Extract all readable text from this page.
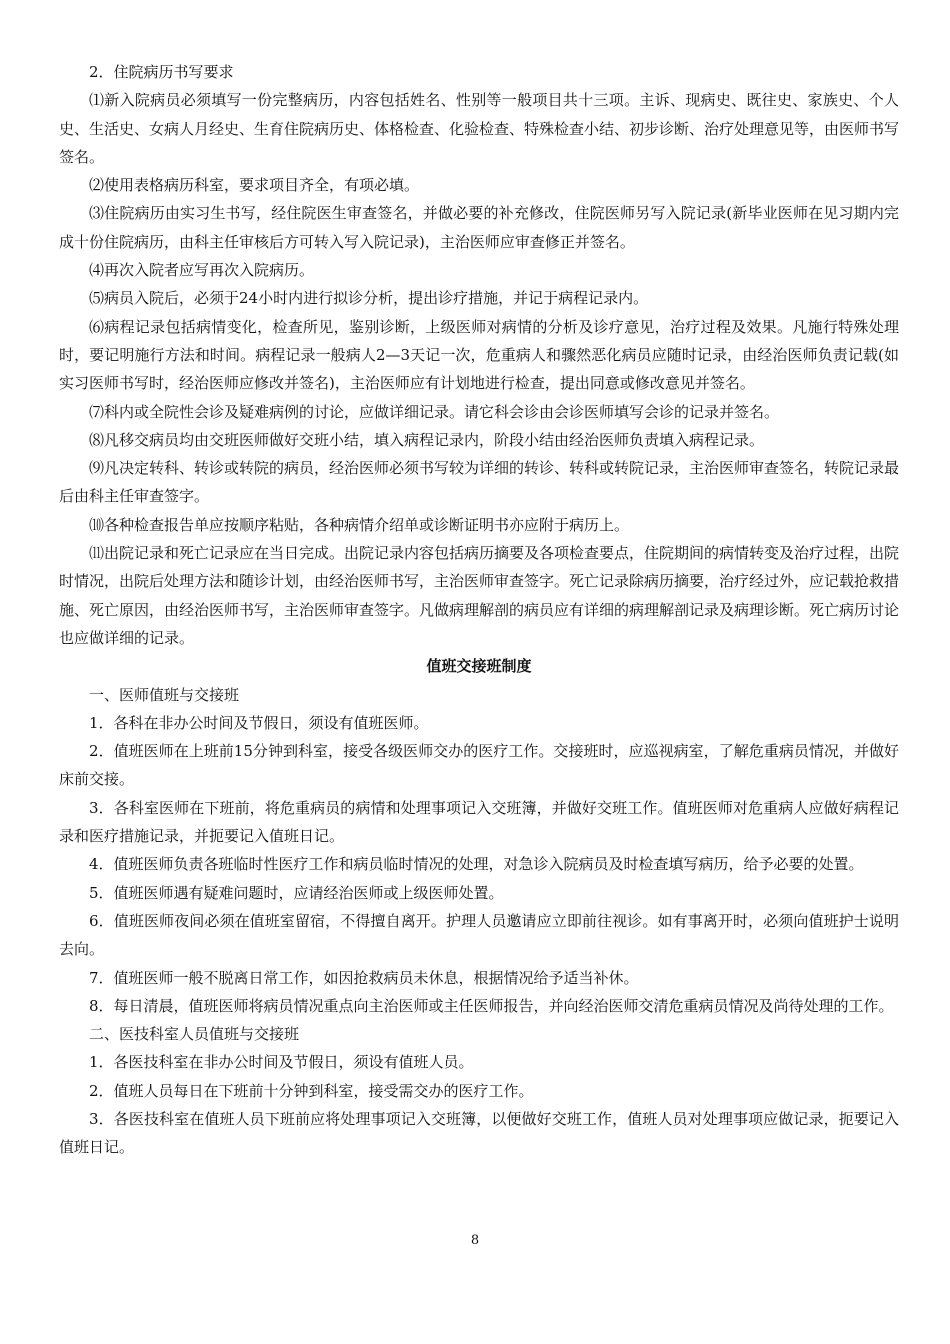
2．住院病历书写要求

⑴新入院病员必须填写一份完整病历，内容包括姓名、性别等一般项目共十三项。主诉、现病史、既往史、家族史、个人史、生活史、女病人月经史、生育住院病历史、体格检查、化验检查、特殊检查小结、初步诊断、治疗处理意见等，由医师书写签名。

⑵使用表格病历科室，要求项目齐全，有项必填。

⑶住院病历由实习生书写，经住院医生审查签名，并做必要的补充修改，住院医师另写入院记录(新毕业医师在见习期内完成十份住院病历，由科主任审核后方可转入写入院记录)，主治医师应审查修正并签名。

⑷再次入院者应写再次入院病历。

⑸病员入院后，必须于24小时内进行拟诊分析，提出诊疗措施，并记于病程记录内。

⑹病程记录包括病情变化，检查所见，鉴别诊断，上级医师对病情的分析及诊疗意见，治疗过程及效果。凡施行特殊处理时，要记明施行方法和时间。病程记录一般病人2—3天记一次，危重病人和骤然恶化病员应随时记录，由经治医师负责记载(如实习医师书写时，经治医师应修改并签名)，主治医师应有计划地进行检查，提出同意或修改意见并签名。

⑺科内或全院性会诊及疑难病例的讨论，应做详细记录。请它科会诊由会诊医师填写会诊的记录并签名。

⑻凡移交病员均由交班医师做好交班小结，填入病程记录内，阶段小结由经治医师负责填入病程记录。

⑼凡决定转科、转诊或转院的病员，经治医师必须书写较为详细的转诊、转科或转院记录，主治医师审查签名，转院记录最后由科主任审查签字。

⑽各种检查报告单应按顺序粘贴，各种病情介绍单或诊断证明书亦应附于病历上。

⑾出院记录和死亡记录应在当日完成。出院记录内容包括病历摘要及各项检查要点，住院期间的病情转变及治疗过程，出院时情况，出院后处理方法和随诊计划，由经治医师书写，主治医师审查签字。死亡记录除病历摘要，治疗经过外，应记载抢救措施、死亡原因，由经治医师书写，主治医师审查签字。凡做病理解剖的病员应有详细的病理解剖记录及病理诊断。死亡病历讨论也应做详细的记录。

值班交接班制度

一、医师值班与交接班

1．各科在非办公时间及节假日，须设有值班医师。

2．值班医师在上班前15分钟到科室，接受各级医师交办的医疗工作。交接班时，应巡视病室，了解危重病员情况，并做好床前交接。

3．各科室医师在下班前，将危重病员的病情和处理事项记入交班簿，并做好交班工作。值班医师对危重病人应做好病程记录和医疗措施记录，并扼要记入值班日记。

4．值班医师负责各班临时性医疗工作和病员临时情况的处理，对急诊入院病员及时检查填写病历，给予必要的处置。

5．值班医师遇有疑难问题时，应请经治医师或上级医师处置。

6．值班医师夜间必须在值班室留宿，不得擅自离开。护理人员邀请应立即前往视诊。如有事离开时，必须向值班护士说明去向。

7．值班医师一般不脱离日常工作，如因抢救病员未休息，根据情况给予适当补休。

8．每日清晨，值班医师将病员情况重点向主治医师或主任医师报告，并向经治医师交清危重病员情况及尚待处理的工作。

二、医技科室人员值班与交接班

1．各医技科室在非办公时间及节假日，须设有值班人员。

2．值班人员每日在下班前十分钟到科室，接受需交办的医疗工作。

3．各医技科室在值班人员下班前应将处理事项记入交班簿，以便做好交班工作，值班人员对处理事项应做记录，扼要记入值班日记。

8
